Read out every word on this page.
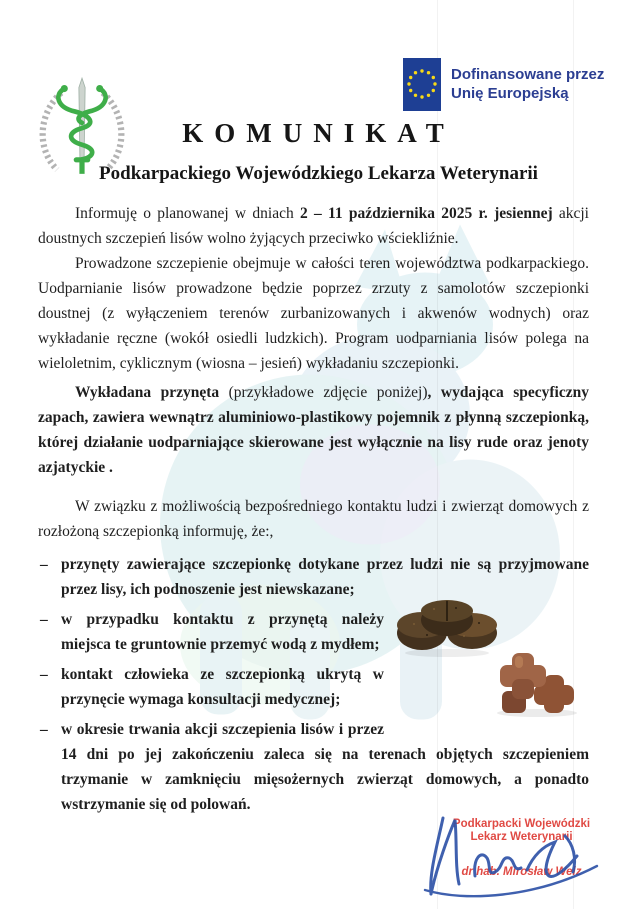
Dofinansowane przez
Unię Europejską
KOMUNIKAT
Podkarpackiego Wojewódzkiego Lekarza Weterynarii

Informuję o planowanej w dniach 2 – 11 października 2025 r. jesiennej akcji doustnych szczepień lisów wolno żyjących przeciwko wściekliźnie.

Prowadzone szczepienie obejmuje w całości teren województwa podkarpackiego. Uodparnianie lisów prowadzone będzie poprzez zrzuty z samolotów szczepionki doustnej (z wyłączeniem terenów zurbanizowanych i akwenów wodnych) oraz wykładanie ręczne (wokół osiedli ludzkich). Program uodparniania lisów polega na wieloletnim, cyklicznym (wiosna – jesień) wykładaniu szczepionki.

Wykładana przynęta (przykładowe zdjęcie poniżej), wydająca specyficzny zapach, zawiera wewnątrz aluminiowo-plastikowy pojemnik z płynną szczepionką, której działanie uodparniające skierowane jest wyłącznie na lisy rude oraz jenoty azjatyckie .

W związku z możliwością bezpośredniego kontaktu ludzi i zwierząt domowych z rozłożoną szczepionką informuję, że:,

– przynęty zawierające szczepionkę dotykane przez ludzi nie są przyjmowane przez lisy, ich podnoszenie jest niewskazane;
– w przypadku kontaktu z przynętą należy miejsca te gruntownie przemyć wodą z mydłem;
– kontakt człowieka ze szczepionką ukrytą w przynęcie wymaga konsultacji medycznej;
– w okresie trwania akcji szczepienia lisów i przez 14 dni po jej zakończeniu zaleca się na terenach objętych szczepieniem trzymanie w zamknięciu mięsożernych zwierząt domowych, a ponadto wstrzymanie się od polowań.
Podkarpacki Wojewódzki
Lekarz Weterynarii
dr hab. Mirosław Welz
